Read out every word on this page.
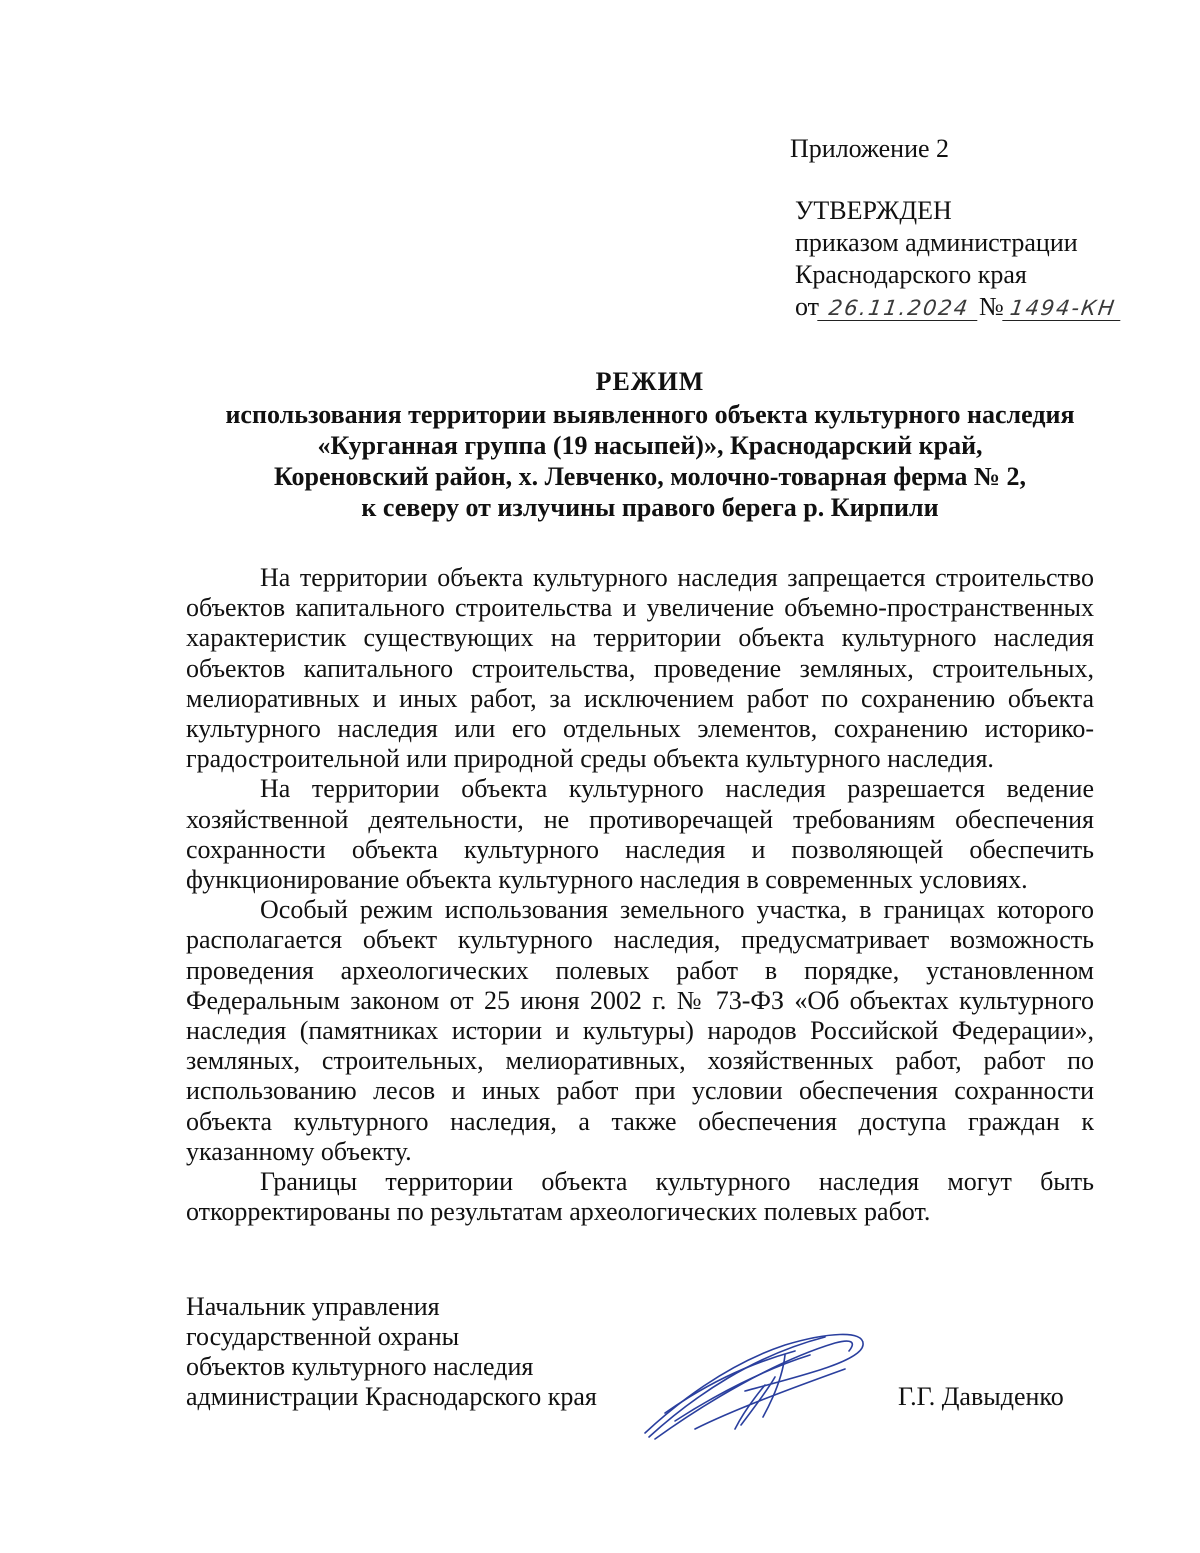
Приложение 2
УТВЕРЖДЕН
приказом администрации
Краснодарского края
от 26.11.2024 № 1494-КН
РЕЖИМ
использования территории выявленного объекта культурного наследия
«Курганная группа (19 насыпей)», Краснодарский край,
Кореновский район, х. Левченко, молочно-товарная ферма № 2,
к северу от излучины правого берега р. Кирпили

На территории объекта культурного наследия запрещается строительство объектов капитального строительства и увеличение объемно-пространственных характеристик существующих на территории объекта культурного наследия объектов капитального строительства, проведение земляных, строительных, мелиоративных и иных работ, за исключением работ по сохранению объекта культурного наследия или его отдельных элементов, сохранению историко-градостроительной или природной среды объекта культурного наследия.

На территории объекта культурного наследия разрешается ведение хозяйственной деятельности, не противоречащей требованиям обеспечения сохранности объекта культурного наследия и позволяющей обеспечить функционирование объекта культурного наследия в современных условиях.

Особый режим использования земельного участка, в границах которого располагается объект культурного наследия, предусматривает возможность проведения археологических полевых работ в порядке, установленном Федеральным законом от 25 июня 2002 г. № 73-ФЗ «Об объектах культурного наследия (памятниках истории и культуры) народов Российской Федерации», земляных, строительных, мелиоративных, хозяйственных работ, работ по использованию лесов и иных работ при условии обеспечения сохранности объекта культурного наследия, а также обеспечения доступа граждан к указанному объекту.

Границы территории объекта культурного наследия могут быть откорректированы по результатам археологических полевых работ.

Начальник управления
государственной охраны
объектов культурного наследия
администрации Краснодарского края	Г.Г. Давыденко
